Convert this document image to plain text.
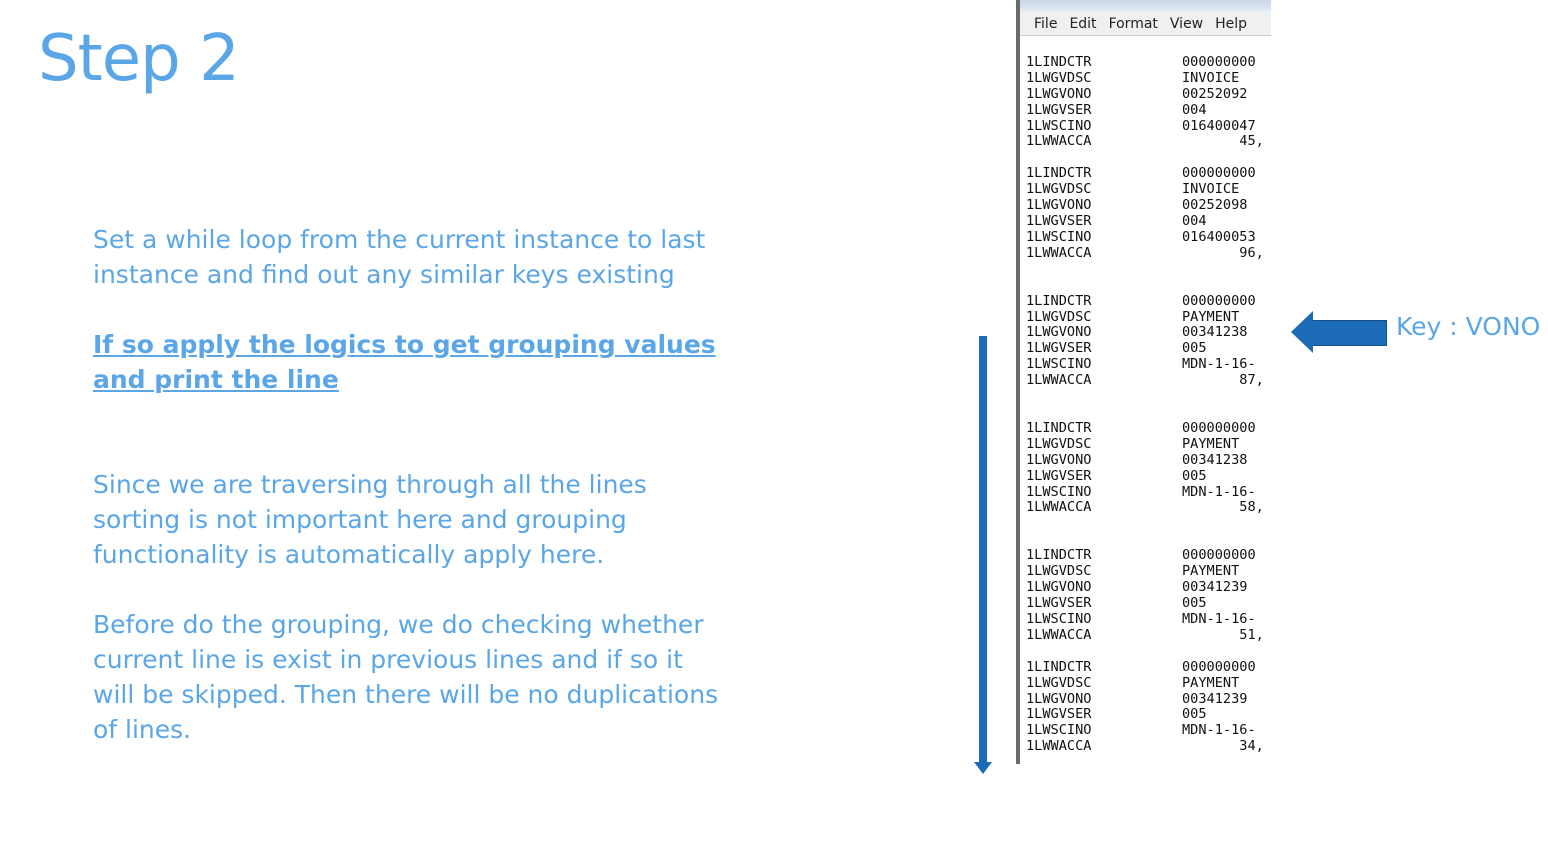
Step 2
Set a while loop from the current instance to last instance and find out any similar keys existing
If so apply the logics to get grouping values and print the line
Since we are traversing through all the lines sorting is not important here and grouping functionality is automatically apply here.
Before do the grouping, we do checking whether current line is exist in previous lines and if so it will be skipped. Then there will be no duplications of lines.
File Edit Format View Help
1LINDCTR	000000000
1LWGVDSC	INVOICE
1LWGVONO	00252092
1LWGVSER	004
1LWSCINO	016400047
1LWWACCA	45,
1LINDCTR	000000000
1LWGVDSC	INVOICE
1LWGVONO	00252098
1LWGVSER	004
1LWSCINO	016400053
1LWWACCA	96,
1LINDCTR	000000000
1LWGVDSC	PAYMENT
1LWGVONO	00341238
1LWGVSER	005
1LWSCINO	MDN-1-16-
1LWWACCA	87,
1LINDCTR	000000000
1LWGVDSC	PAYMENT
1LWGVONO	00341238
1LWGVSER	005
1LWSCINO	MDN-1-16-
1LWWACCA	58,
1LINDCTR	000000000
1LWGVDSC	PAYMENT
1LWGVONO	00341239
1LWGVSER	005
1LWSCINO	MDN-1-16-
1LWWACCA	51,
1LINDCTR	000000000
1LWGVDSC	PAYMENT
1LWGVONO	00341239
1LWGVSER	005
1LWSCINO	MDN-1-16-
1LWWACCA	34,
Key : VONO
